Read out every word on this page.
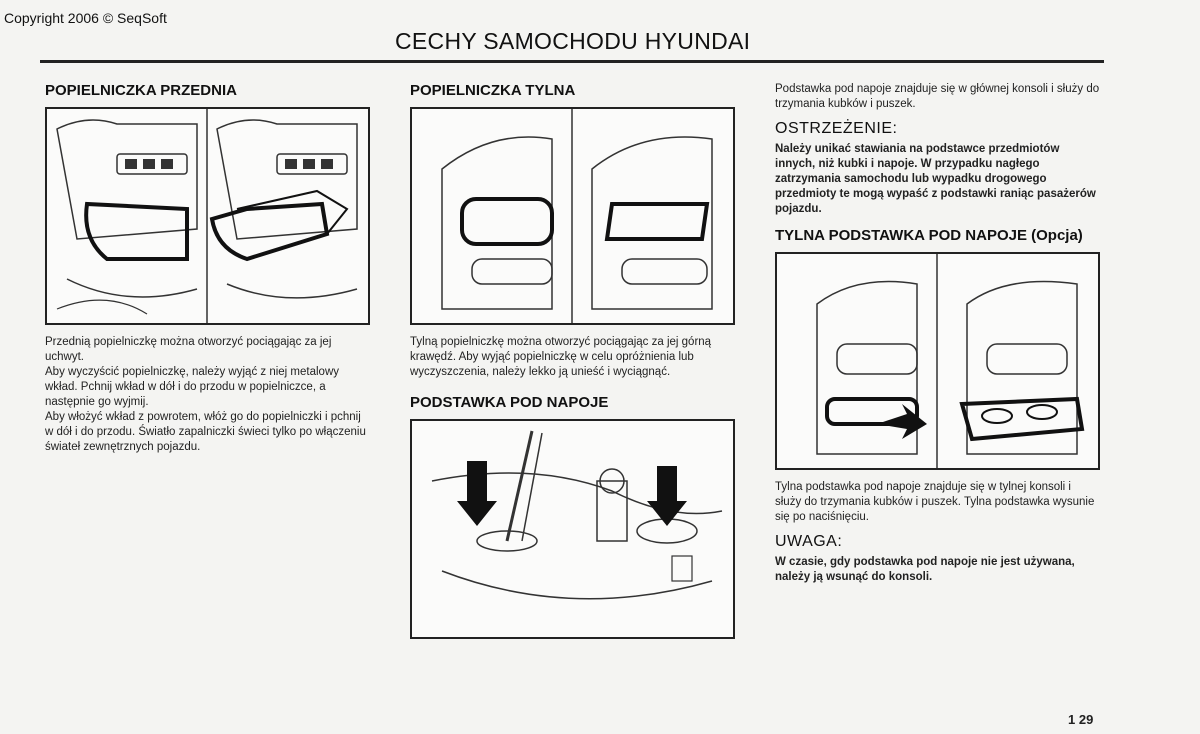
Copyright 2006 © SeqSoft
CECHY SAMOCHODU HYUNDAI
POPIELNICZKA PRZEDNIA

Przednią popielniczkę można otworzyć pociągając za jej uchwyt.
Aby wyczyścić popielniczkę, należy wyjąć z niej metalowy wkład. Pchnij wkład w dół i do przodu w popielniczce, a następnie go wyjmij.
Aby włożyć wkład z powrotem, włóż go do popielniczki i pchnij w dół i do przodu. Światło zapalniczki świeci tylko po włączeniu świateł zewnętrznych pojazdu.

POPIELNICZKA TYLNA

Tylną popielniczkę można otworzyć pociągając za jej górną krawędź. Aby wyjąć popielniczkę w celu opróżnienia lub wyczyszczenia, należy lekko ją unieść i wyciągnąć.

PODSTAWKA POD NAPOJE

Podstawka pod napoje znajduje się w głównej konsoli i służy do trzymania kubków i puszek.

OSTRZEŻENIE:

Należy unikać stawiania na podstawce przedmiotów innych, niż kubki i napoje. W przypadku nagłego zatrzymania samochodu lub wypadku drogowego przedmioty te mogą wypaść z podstawki raniąc pasażerów pojazdu.

TYLNA PODSTAWKA POD NAPOJE (Opcja)

Tylna podstawka pod napoje znajduje się w tylnej konsoli i służy do trzymania kubków i puszek. Tylna podstawka wysunie się po naciśnięciu.

UWAGA:

W czasie, gdy podstawka pod napoje nie jest używana, należy ją wsunąć do konsoli.

1 29
